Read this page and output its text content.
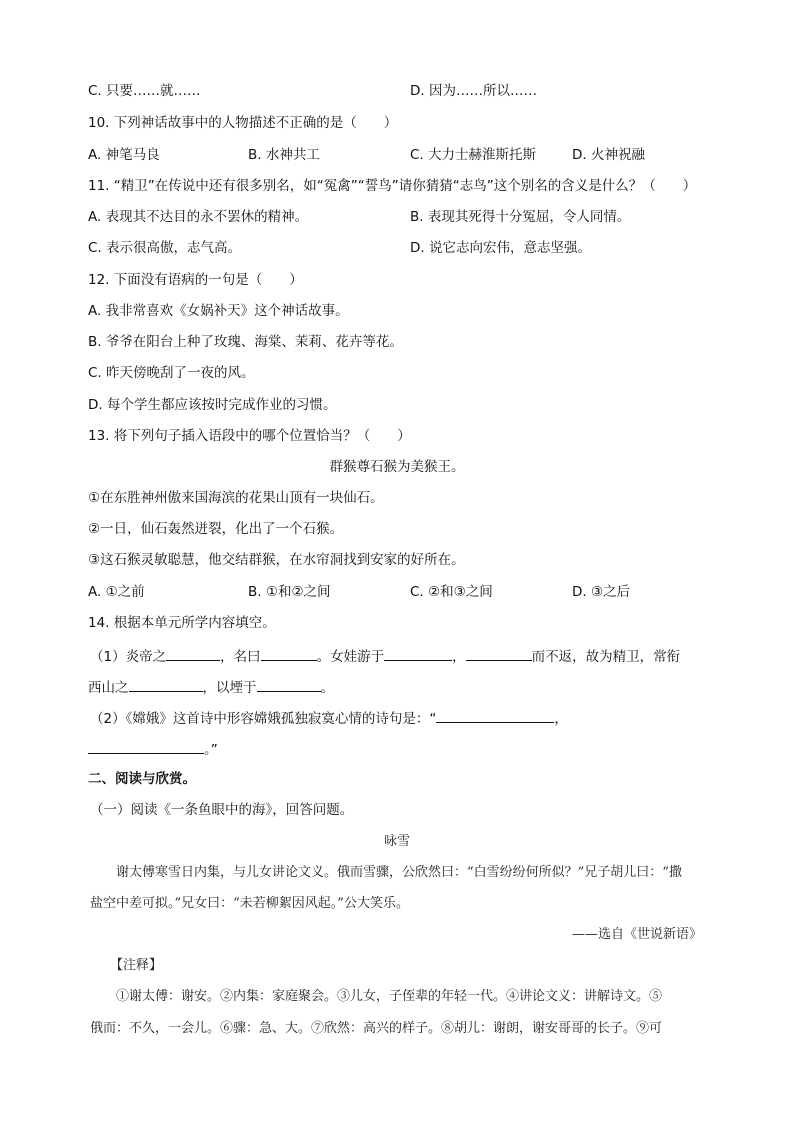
C. 只要……就……	D. 因为……所以……
10. 下列神话故事中的人物描述不正确的是（　　）
A. 神笔马良	B. 水神共工	C. 大力士赫淮斯托斯	D. 火神祝融
11. “精卫”在传说中还有很多别名，如“冤禽”“誓鸟”请你猜猜“志鸟”这个别名的含义是什么？（　　）
A. 表现其不达目的永不罢休的精神。	B. 表现其死得十分冤屈，令人同情。
C. 表示很高傲，志气高。	D. 说它志向宏伟，意志坚强。
12. 下面没有语病的一句是（　　）
A. 我非常喜欢《女娲补天》这个神话故事。
B. 爷爷在阳台上种了玫瑰、海棠、茉莉、花卉等花。
C. 昨天傍晚刮了一夜的风。
D. 每个学生都应该按时完成作业的习惯。
13. 将下列句子插入语段中的哪个位置恰当？（　　）
群猴尊石猴为美猴王。
①在东胜神州傲来国海滨的花果山顶有一块仙石。
②一日，仙石轰然迸裂，化出了一个石猴。
③这石猴灵敏聪慧，他交结群猴，在水帘洞找到安家的好所在。
A. ①之前	B. ①和②之间	C. ②和③之间	D. ③之后
14. 根据本单元所学内容填空。
（1）炎帝之	，名曰	。女娃游于	，	而不返，故为精卫，常衔
西山之	，以堙于	。
（2）《嫦娥》这首诗中形容嫦娥孤独寂寞心情的诗句是：“	，
。”
二、阅读与欣赏。
（一）阅读《一条鱼眼中的海》，回答问题。
咏雪
谢太傅寒雪日内集，与儿女讲论文义。俄而雪骤，公欣然曰：“白雪纷纷何所似？”兄子胡儿曰：“撒
盐空中差可拟。”兄女曰：“未若柳絮因风起。”公大笑乐。
——选自《世说新语》
【注释】
①谢太傅：谢安。②内集：家庭聚会。③儿女，子侄辈的年轻一代。④讲论文义：讲解诗文。⑤
俄而：不久，一会儿。⑥骤：急、大。⑦欣然：高兴的样子。⑧胡儿：谢朗，谢安哥哥的长子。⑨可
